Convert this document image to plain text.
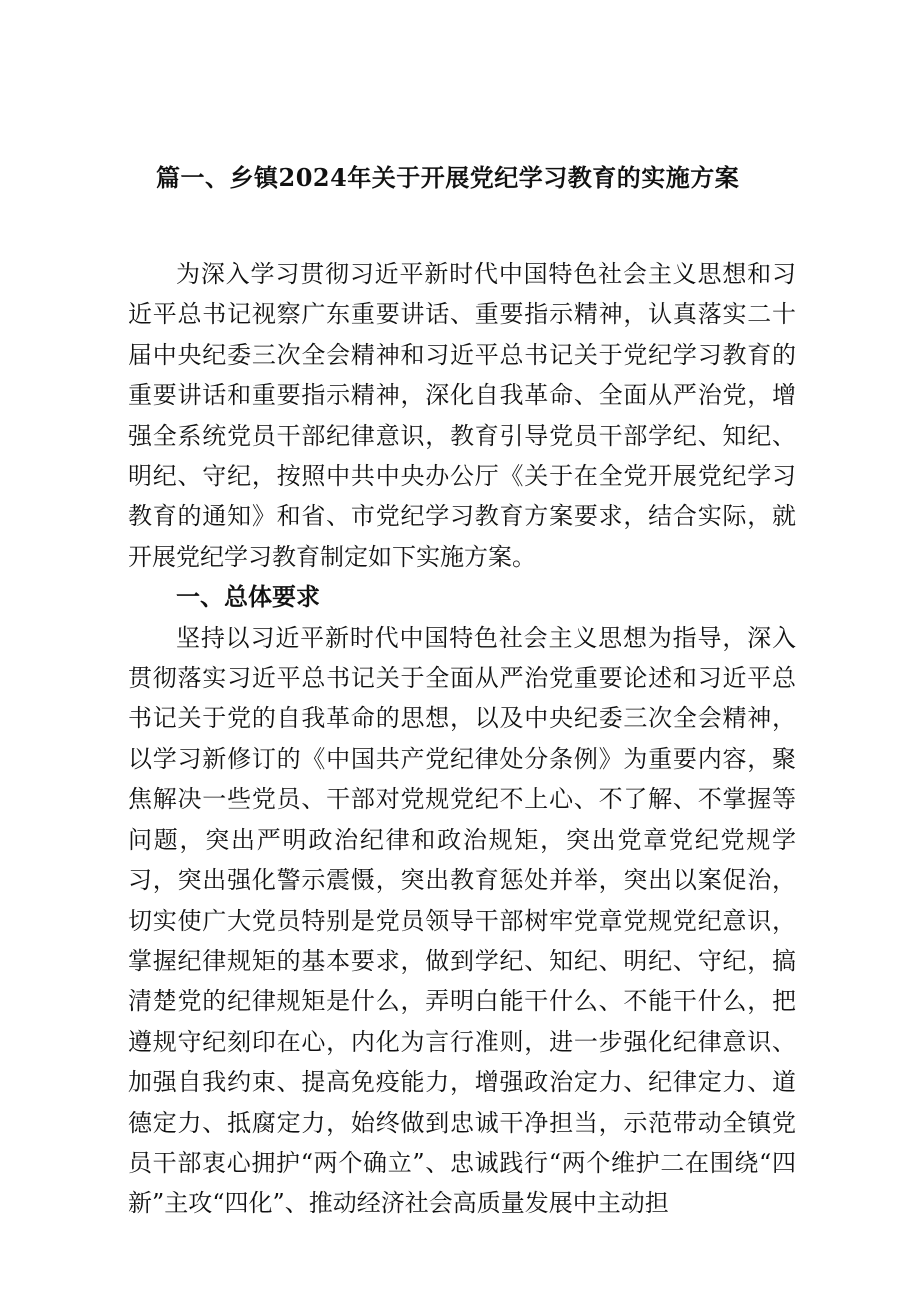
篇一、乡镇2024年关于开展党纪学习教育的实施方案

为深入学习贯彻习近平新时代中国特色社会主义思想和习近平总书记视察广东重要讲话、重要指示精神，认真落实二十届中央纪委三次全会精神和习近平总书记关于党纪学习教育的重要讲话和重要指示精神，深化自我革命、全面从严治党，增强全系统党员干部纪律意识，教育引导党员干部学纪、知纪、明纪、守纪，按照中共中央办公厅《关于在全党开展党纪学习教育的通知》和省、市党纪学习教育方案要求，结合实际，就开展党纪学习教育制定如下实施方案。

一、总体要求

坚持以习近平新时代中国特色社会主义思想为指导，深入贯彻落实习近平总书记关于全面从严治党重要论述和习近平总书记关于党的自我革命的思想，以及中央纪委三次全会精神，以学习新修订的《中国共产党纪律处分条例》为重要内容，聚焦解决一些党员、干部对党规党纪不上心、不了解、不掌握等问题，突出严明政治纪律和政治规矩，突出党章党纪党规学习，突出强化警示震慑，突出教育惩处并举，突出以案促治，切实使广大党员特别是党员领导干部树牢党章党规党纪意识，掌握纪律规矩的基本要求，做到学纪、知纪、明纪、守纪，搞清楚党的纪律规矩是什么，弄明白能干什么、不能干什么，把遵规守纪刻印在心，内化为言行准则，进一步强化纪律意识、加强自我约束、提高免疫能力，增强政治定力、纪律定力、道德定力、抵腐定力，始终做到忠诚干净担当，示范带动全镇党员干部衷心拥护“两个确立”、忠诚践行“两个维护二在围绕“四新”主攻“四化”、推动经济社会高质量发展中主动担
